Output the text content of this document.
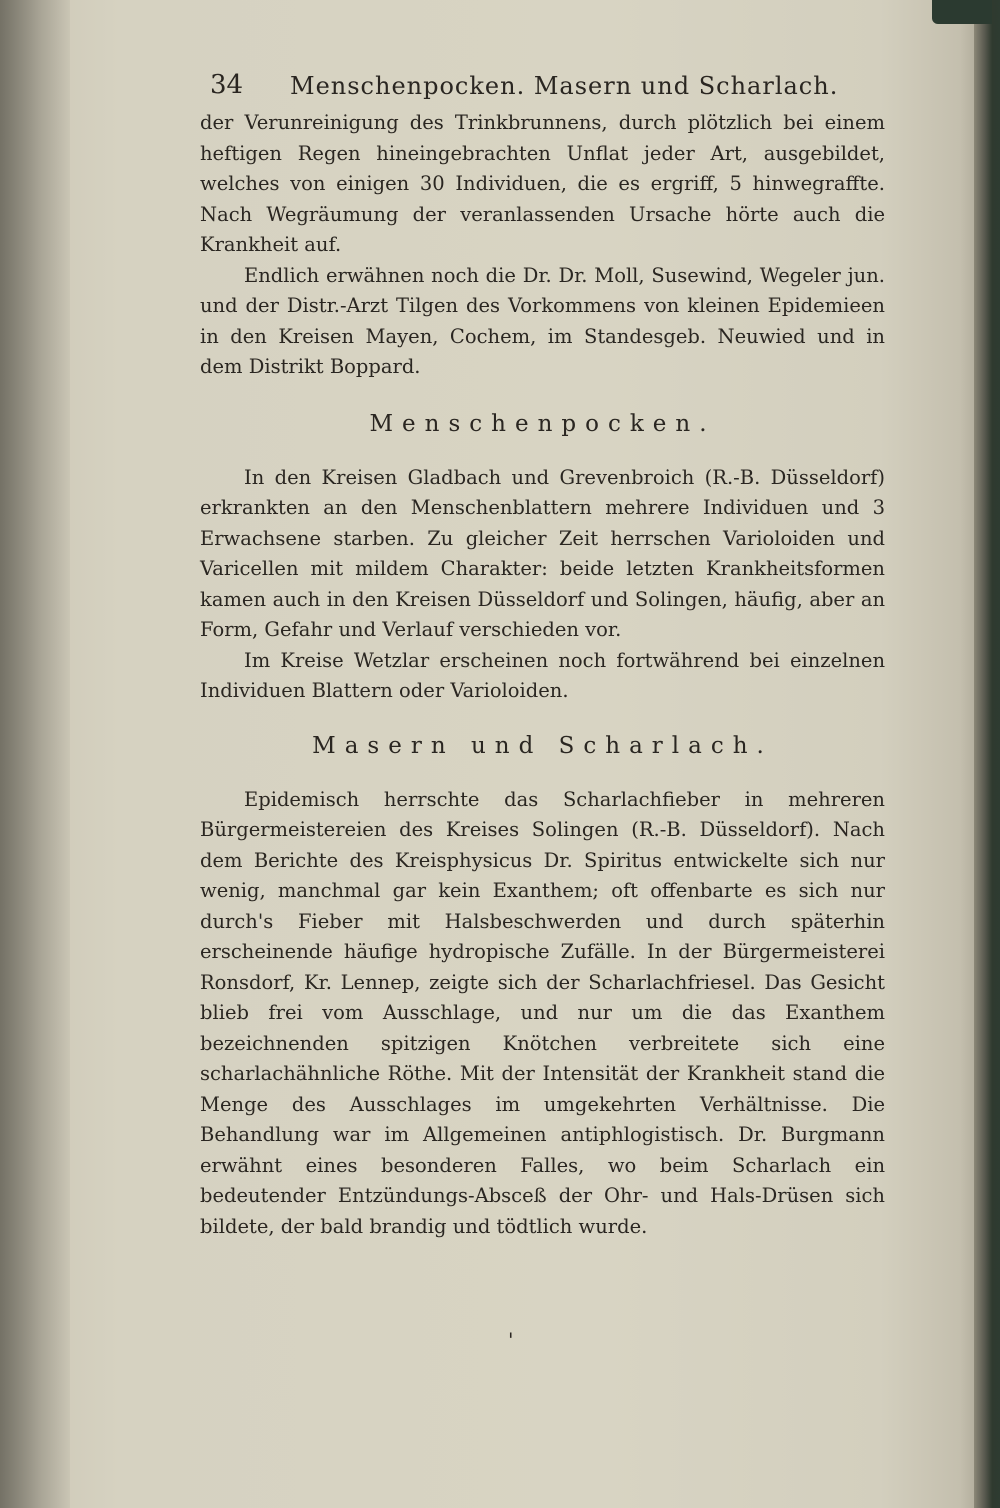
34 Menschenpocken. Masern und Scharlach.

der Verunreinigung des Trinkbrunnens, durch plötzlich bei einem heftigen Regen hineingebrachten Unflat jeder Art, ausgebildet, welches von einigen 30 Individuen, die es ergriff, 5 hinwegraffte. Nach Wegräumung der veranlassenden Ursache hörte auch die Krankheit auf.

Endlich erwähnen noch die Dr. Dr. Moll, Susewind, Wegeler jun. und der Distr.-Arzt Tilgen des Vorkommens von kleinen Epidemieen in den Kreisen Mayen, Cochem, im Standesgeb. Neuwied und in dem Distrikt Boppard.

Menschenpocken.

In den Kreisen Gladbach und Grevenbroich (R.-B. Düsseldorf) erkrankten an den Menschenblattern mehrere Individuen und 3 Erwachsene starben. Zu gleicher Zeit herrschen Varioloiden und Varicellen mit mildem Charakter: beide letzten Krankheitsformen kamen auch in den Kreisen Düsseldorf und Solingen, häufig, aber an Form, Gefahr und Verlauf verschieden vor.

Im Kreise Wetzlar erscheinen noch fortwährend bei einzelnen Individuen Blattern oder Varioloiden.

Masern und Scharlach.

Epidemisch herrschte das Scharlachfieber in mehreren Bürgermeistereien des Kreises Solingen (R.-B. Düsseldorf). Nach dem Berichte des Kreisphysicus Dr. Spiritus entwickelte sich nur wenig, manchmal gar kein Exanthem; oft offenbarte es sich nur durch's Fieber mit Halsbeschwerden und durch späterhin erscheinende häufige hydropische Zufälle. In der Bürgermeisterei Ronsdorf, Kr. Lennep, zeigte sich der Scharlachfriesel. Das Gesicht blieb frei vom Ausschlage, und nur um die das Exanthem bezeichnenden spitzigen Knötchen verbreitete sich eine scharlachähnliche Röthe. Mit der Intensität der Krankheit stand die Menge des Ausschlages im umgekehrten Verhältnisse. Die Behandlung war im Allgemeinen antiphlogistisch. Dr. Burgmann erwähnt eines besonderen Falles, wo beim Scharlach ein bedeutender Entzündungs-Absceß der Ohr- und Hals-Drüsen sich bildete, der bald brandig und tödtlich wurde.

'
